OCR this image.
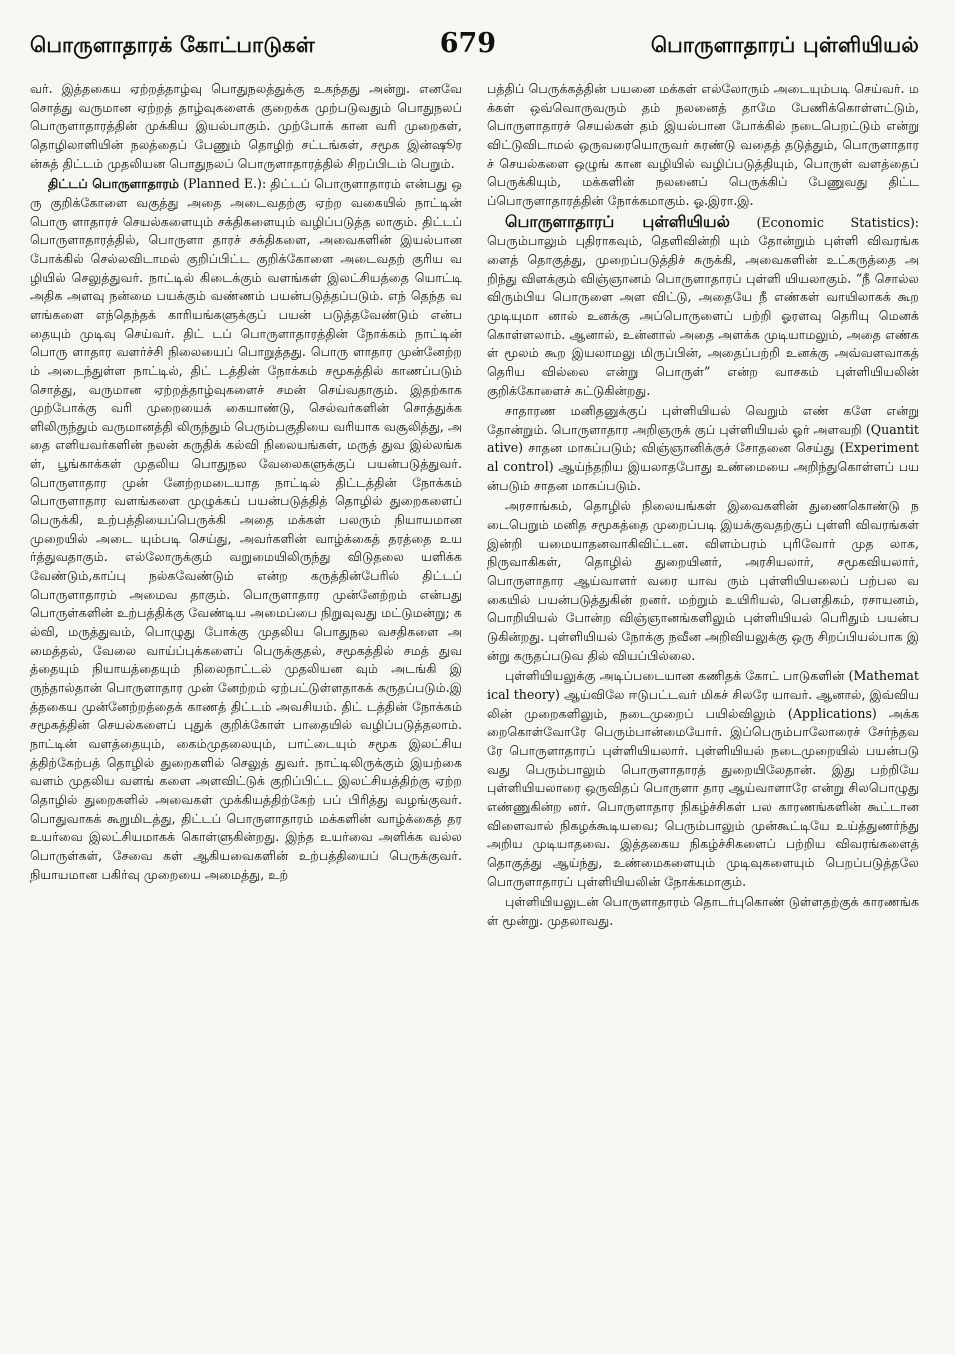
பொருளாதாரக் கோட்பாடுகள்	679	பொருளாதாரப் புள்ளியியல்

வர். இத்தகைய ஏற்றத்தாழ்வு பொதுநலத்துக்கு உகந்தது அன்று. எனவே சொத்து வருமான ஏற்றத் தாழ்வுகளைக் குறைக்க முற்படுவதும் பொதுநலப் பொருளாதாரத்தின் முக்கிய இயல்பாகும். முற்போக் கான வரி முறைகள், தொழிலாளியின் நலத்தைப் பேணும் தொழிற் சட்டங்கள், சமூக இன்ஷூரன்சுத் திட்டம் முதலியன பொதுநலப் பொருளாதாரத்தில் சிறப்பிடம் பெறும்.

திட்டப் பொருளாதாரம் (Planned E.): திட்டப் பொருளாதாரம் என்பது ஒரு குறிக்கோளை வகுத்து அதை அடைவதற்கு ஏற்ற வகையில் நாட்டின் பொரு ளாதாரச் செயல்களையும் சக்திகளையும் வழிப்படுத்த லாகும். திட்டப் பொருளாதாரத்தில், பொருளா தாரச் சக்திகளை, அவைகளின் இயல்பான போக்கில் செல்லவிடாமல் குறிப்பிட்ட குறிக்கோளை அடைவதற் குரிய வழியில் செலுத்துவர். நாட்டில் கிடைக்கும் வளங்கள் இலட்சியத்தை யொட்டி அதிக அளவு நன்மை பயக்கும் வண்ணம் பயன்படுத்தப்படும். எந் தெந்த வளங்களை எந்தெந்தக் காரியங்களுக்குப் பயன் படுத்தவேண்டும் என்பதையும் முடிவு செய்வர். திட் டப் பொருளாதாரத்தின் நோக்கம் நாட்டின் பொரு ளாதார வளர்ச்சி நிலையைப் பொறுத்தது. பொரு ளாதார முன்னேற்றம் அடைந்துள்ள நாட்டில், திட் டத்தின் நோக்கம் சமூகத்தில் காணப்படும் சொத்து, வருமான ஏற்றத்தாழ்வுகளைச் சமன் செய்வதாகும். இதற்காக முற்போக்கு வரி முறையைக் கையாண்டு, செல்வர்களின் சொத்துக்களிலிருந்தும் வருமானத்தி லிருந்தும் பெரும்பகுதியை வரியாக வசூலித்து, அதை எளியவர்களின் நலன் கருதிக் கல்வி நிலையங்கள், மருத் துவ இல்லங்கள், பூங்காக்கள் முதலிய பொதுநல வேலைகளுக்குப் பயன்படுத்துவர். பொருளாதார முன் னேற்றமடையாத நாட்டில் திட்டத்தின் நோக்கம் பொருளாதார வளங்களை முழுக்கப் பயன்படுத்தித் தொழில் துறைகளைப் பெருக்கி, உற்பத்தியைப்பெருக்கி அதை மக்கள் பலரும் நியாயமான முறையில் அடை யும்படி செய்து, அவர்களின் வாழ்க்கைத் தரத்தை உயர்த்துவதாகும். எல்லோருக்கும் வறுமையிலிருந்து விடுதலை யளிக்கவேண்டும்,காப்பு நல்கவேண்டும் என்ற கருத்தின்பேரில் திட்டப் பொருளாதாரம் அமைவ தாகும். பொருளாதார முன்னேற்றம் என்பது பொருள்களின் உற்பத்திக்கு வேண்டிய அமைப்பை நிறுவுவது மட்டுமன்று; கல்வி, மருத்துவம், பொழுது போக்கு முதலிய பொதுநல வசதிகளை அமைத்தல், வேலை வாய்ப்புக்களைப் பெருக்குதல், சமூகத்தில் சமத் துவத்தையும் நியாயத்தையும் நிலைநாட்டல் முதலியன வும் அடங்கி இருந்தால்தான் பொருளாதார முன் னேற்றம் ஏற்பட்டுள்ளதாகக் கருதப்படும்.இத்தகைய முன்னேற்றத்தைக் காணத் திட்டம் அவசியம். திட் டத்தின் நோக்கம் சமூகத்தின் செயல்களைப் புதுக் குறிக்கோள் பாதையில் வழிப்படுத்தலாம். நாட்டின் வளத்தையும், கைம்முதலையும், பாட்டையும் சமூக இலட்சியத்திற்கேற்பத் தொழில் துறைகளில் செலுத் துவர். நாட்டிலிருக்கும் இயற்கை வளம் முதலிய வளங் களை அளவிட்டுக் குறிப்பிட்ட இலட்சியத்திற்கு ஏற்ற தொழில் துறைகளில் அவைகள் முக்கியத்திற்கேற் பப் பிரித்து வழங்குவர். பொதுவாகக் கூறுமிடத்து, திட்டப் பொருளாதாரம் மக்களின் வாழ்க்கைத் தர உயர்வை இலட்சியமாகக் கொள்ளுகின்றது. இந்த உயர்வை அளிக்க வல்ல பொருள்கள், சேவை கள் ஆகியவைகளின் உற்பத்தியைப் பெருக்குவர். நியாயமான பகிர்வு முறையை அமைத்து, உற்

பத்திப் பெருக்கத்தின் பயனை மக்கள் எல்லோரும் அடையும்படி செய்வர். மக்கள் ஒவ்வொருவரும் தம் நலனைத் தாமே பேணிக்கொள்ளட்டும்,பொருளாதாரச் செயல்கள் தம் இயல்பான போக்கில் நடைபெறட்டும் என்று விட்டுவிடாமல் ஒருவரையொருவர் சுரண்டு வதைத் தடுத்தும், பொருளாதாரச் செயல்களை ஒழுங் கான வழியில் வழிப்படுத்தியும், பொருள் வளத்தைப் பெருக்கியும், மக்களின் நலனைப் பெருக்கிப் பேணுவது திட்டப்பொருளாதாரத்தின் நோக்கமாகும். ஓ.இரா.இ.

பொருளாதாரப் புள்ளியியல் (Economic Statistics): பெரும்பாலும் புதிராகவும், தெளிவின்றி யும் தோன்றும் புள்ளி விவரங்களைத் தொகுத்து, முறைப்படுத்திச் சுருக்கி, அவைகளின் உட்கருத்தை அறிந்து விளக்கும் விஞ்ஞானம் பொருளாதாரப் புள்ளி யியலாகும். “நீ சொல்ல விரும்பிய பொருளை அள விட்டு, அதையே நீ எண்கள் வாயிலாகக் கூற முடியுமா னால் உனக்கு அப்பொருளைப் பற்றி ஓரளவு தெரியு மெனக் கொள்ளலாம். ஆனால், உன்னால் அதை அளக்க முடியாமலும், அதை எண்கள் மூலம் கூற இயலாமலு மிருப்பின், அதைப்பற்றி உனக்கு அவ்வளவாகத் தெரிய வில்லை என்று பொருள்” என்ற வாசகம் புள்ளியியலின் குறிக்கோளைச் சுட்டுகின்றது.

சாதாரண மனிதனுக்குப் புள்ளியியல் வெறும் எண் களே என்று தோன்றும். பொருளாதார அறிஞருக் குப் புள்ளியியல் ஓர் அளவறி (Quantitative) சாதன மாகப்படும்; விஞ்ஞானிக்குச் சோதனை செய்து (Experimental control) ஆய்ந்தறிய இயலாதபோது உண்மையை அறிந்துகொள்ளப் பயன்படும் சாதன மாகப்படும்.

அரசாங்கம், தொழில் நிலையங்கள் இவைகளின் துணைகொண்டு நடைபெறும் மனித சமூகத்தை முறைப்படி இயக்குவதற்குப் புள்ளி விவரங்கள் இன்றி யமையாதனவாகிவிட்டன. விளம்பரம் புரிவோர் முத லாக, நிருவாகிகள், தொழில் துறையினர், அரசியலார், சமூகவியலார், பொருளாதார ஆய்வாளர் வரை யாவ ரும் புள்ளியியலைப் பற்பல வகையில் பயன்படுத்துகின் றனர். மற்றும் உயிரியல், பௌதிகம், ரசாயனம், பொறியியல் போன்ற விஞ்ஞானங்களிலும் புள்ளியியல் பெரிதும் பயன்படுகின்றது. புள்ளியியல் நோக்கு நவீன அறிவியலுக்கு ஒரு சிறப்பியல்பாக இன்று கருதப்படுவ தில் வியப்பில்லை.

புள்ளியியலுக்கு அடிப்படையான கணிதக் கோட் பாடுகளின் (Mathematical theory) ஆய்விலே ஈடுபட்டவர் மிகச் சிலரே யாவர். ஆனால், இவ்வியலின் முறைகளிலும், நடைமுறைப் பயில்விலும் (Applications) அக்கறைகொள்வோரே பெரும்பான்மையோர். இப்பெரும்பாலோரைச் சேர்ந்தவரே பொருளாதாரப் புள்ளியியலார். புள்ளியியல் நடைமுறையில் பயன்படு வது பெரும்பாலும் பொருளாதாரத் துறையிலேதான். இது பற்றியே புள்ளியியலாரை ஒருவிதப் பொருளா தார ஆய்வாளாரே என்று சிலபொழுது எண்ணுகின்ற னர். பொருளாதார நிகழ்ச்சிகள் பல காரணங்களின் கூட்டான விளைவால் நிகழக்கூடியவை; பெரும்பாலும் முன்கூட்டியே உய்த்துணர்ந்து அறிய முடியாதவை. இத்தகைய நிகழ்ச்சிகளைப் பற்றிய விவரங்களைத் தொகுத்து ஆய்ந்து, உண்மைகளையும் முடிவுகளையும் பெறப்படுத்தலே பொருளாதாரப் புள்ளியியலின் நோக்கமாகும்.

புள்ளியியலுடன் பொருளாதாரம் தொடர்புகொண் டுள்ளதற்குக் காரணங்கள் மூன்று. முதலாவது.
